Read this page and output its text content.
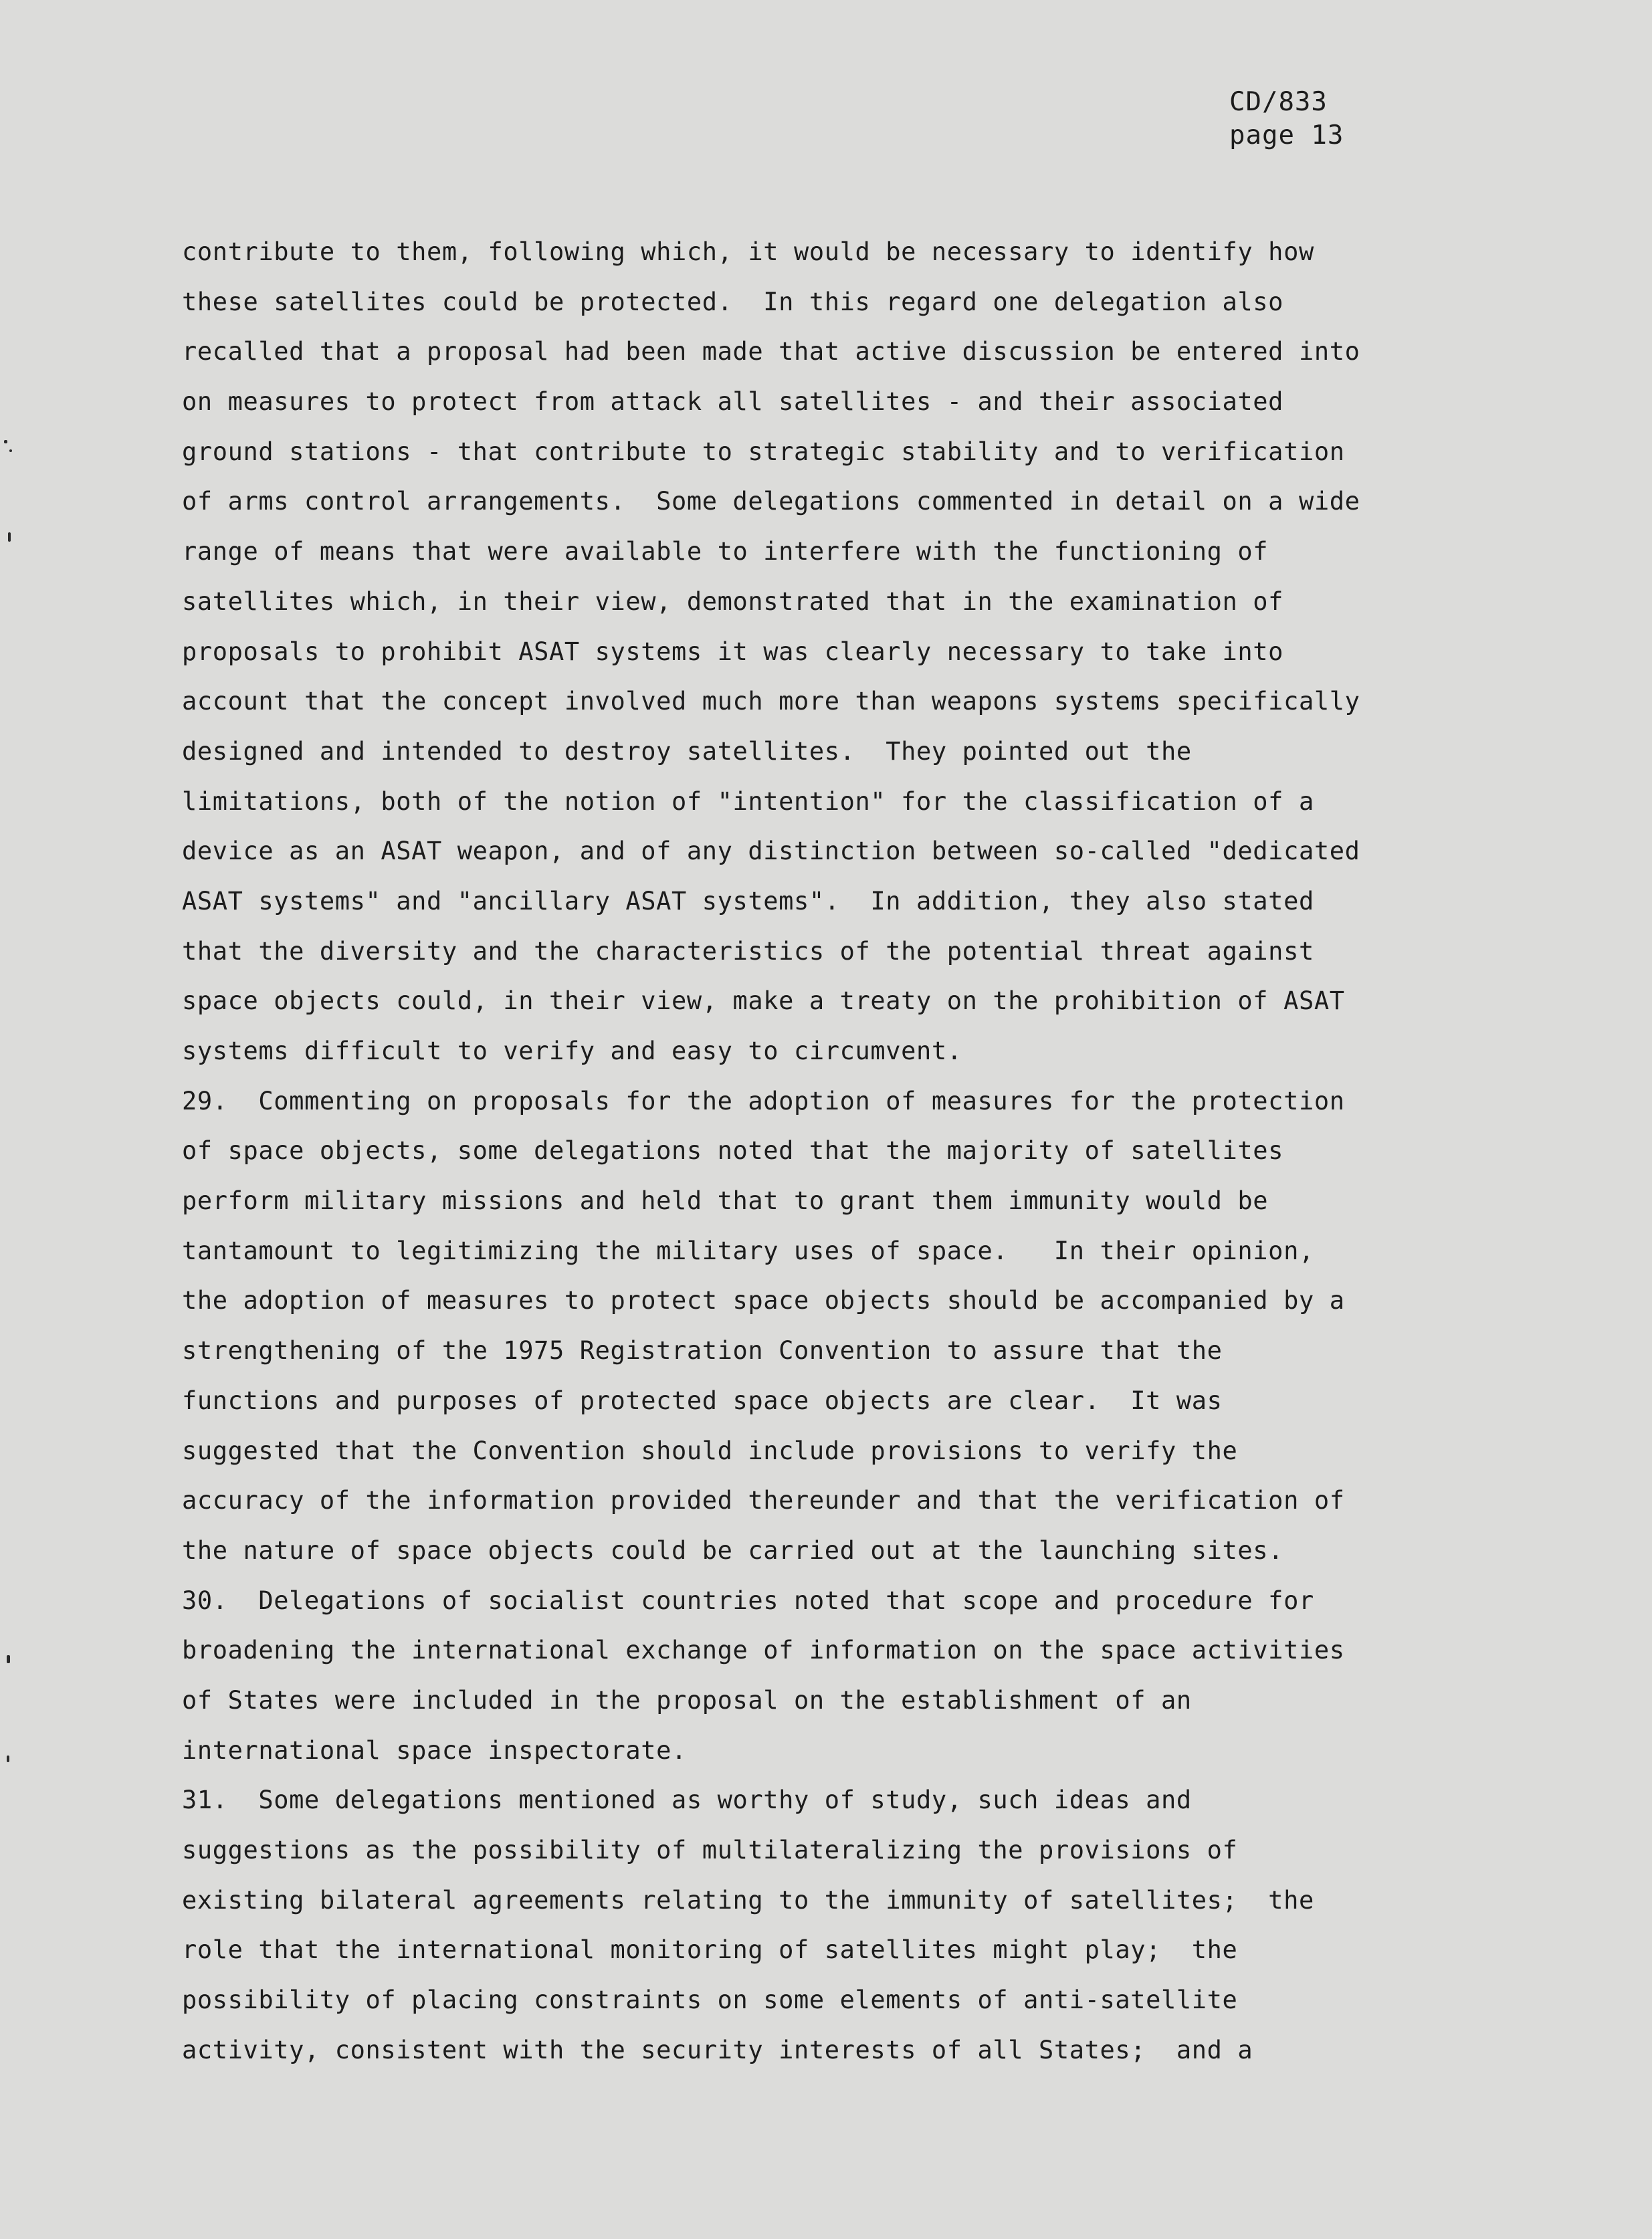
CD/833
page 13
contribute to them, following which, it would be necessary to identify how
these satellites could be protected.  In this regard one delegation also
recalled that a proposal had been made that active discussion be entered into
on measures to protect from attack all satellites - and their associated
ground stations - that contribute to strategic stability and to verification
of arms control arrangements.  Some delegations commented in detail on a wide
range of means that were available to interfere with the functioning of
satellites which, in their view, demonstrated that in the examination of
proposals to prohibit ASAT systems it was clearly necessary to take into
account that the concept involved much more than weapons systems specifically
designed and intended to destroy satellites.  They pointed out the
limitations, both of the notion of "intention" for the classification of a
device as an ASAT weapon, and of any distinction between so-called "dedicated
ASAT systems" and "ancillary ASAT systems".  In addition, they also stated
that the diversity and the characteristics of the potential threat against
space objects could, in their view, make a treaty on the prohibition of ASAT
systems difficult to verify and easy to circumvent.
29.  Commenting on proposals for the adoption of measures for the protection
of space objects, some delegations noted that the majority of satellites
perform military missions and held that to grant them immunity would be
tantamount to legitimizing the military uses of space.   In their opinion,
the adoption of measures to protect space objects should be accompanied by a
strengthening of the 1975 Registration Convention to assure that the
functions and purposes of protected space objects are clear.  It was
suggested that the Convention should include provisions to verify the
accuracy of the information provided thereunder and that the verification of
the nature of space objects could be carried out at the launching sites.
30.  Delegations of socialist countries noted that scope and procedure for
broadening the international exchange of information on the space activities
of States were included in the proposal on the establishment of an
international space inspectorate.
31.  Some delegations mentioned as worthy of study, such ideas and
suggestions as the possibility of multilateralizing the provisions of
existing bilateral agreements relating to the immunity of satellites;  the
role that the international monitoring of satellites might play;  the
possibility of placing constraints on some elements of anti-satellite
activity, consistent with the security interests of all States;  and a
